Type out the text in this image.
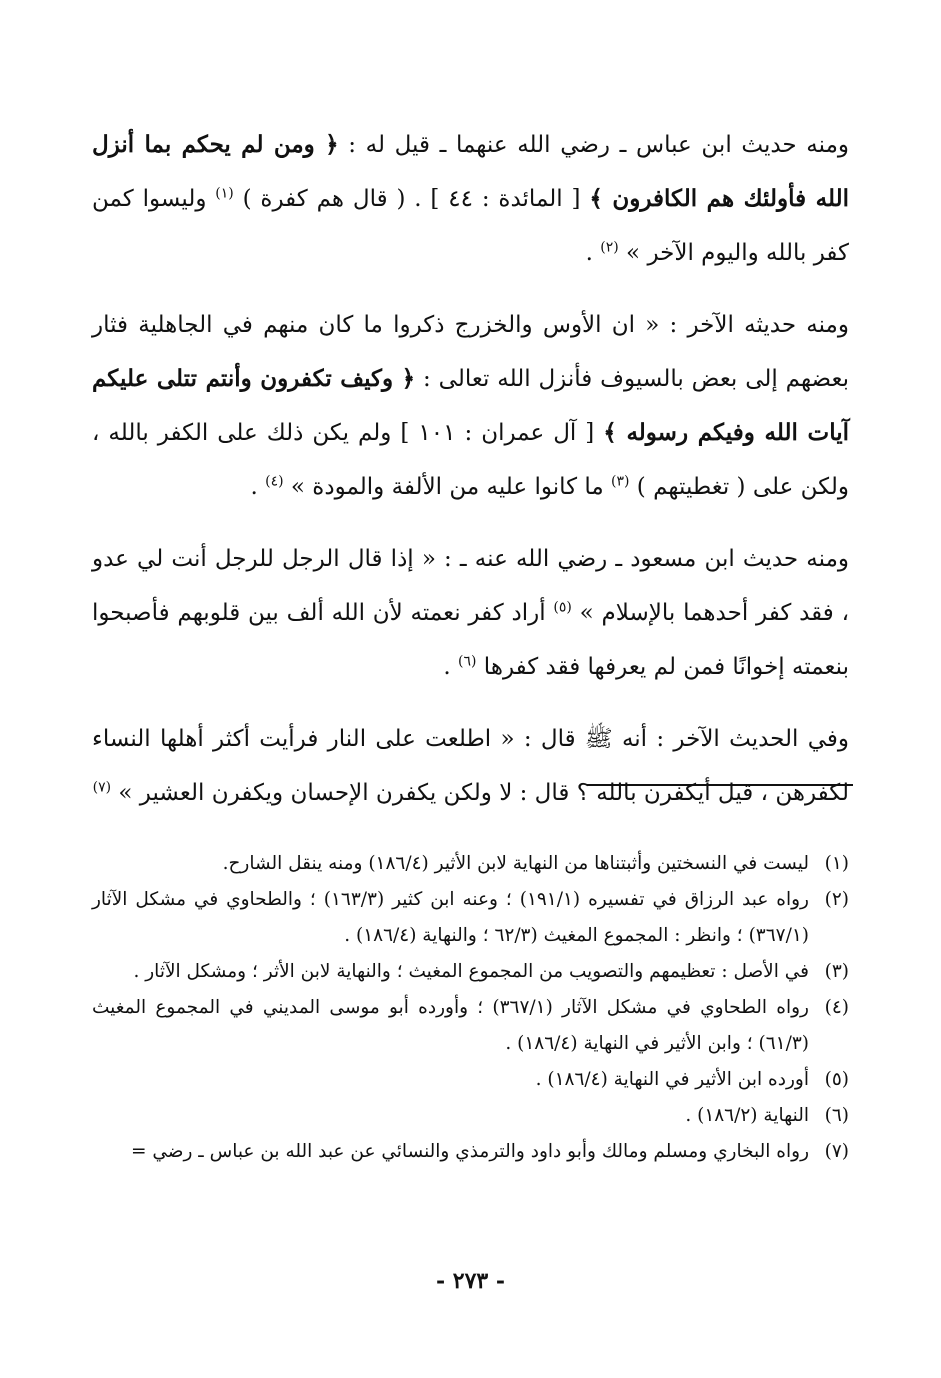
ومنه حديث ابن عباس ـ رضي الله عنهما ـ قيل له : ﴿ ومن لم يحكم بما أنزل الله فأولئك هم الكافرون ﴾ [ المائدة : ٤٤ ] . ( قال هم كفرة ) $^{(١)}$ وليسوا كمن كفر بالله واليوم الآخر » $^{(٢)}$ .

ومنه حديثه الآخر : « ان الأوس والخزرج ذكروا ما كان منهم في الجاهلية فثار بعضهم إلى بعض بالسيوف فأنزل الله تعالى : ﴿ وكيف تكفرون وأنتم تتلى عليكم آيات الله وفيكم رسوله ﴾ [ آل عمران : ١٠١ ] ولم يكن ذلك على الكفر بالله ، ولكن على ( تغطيتهم ) $^{(٣)}$ ما كانوا عليه من الألفة والمودة » $^{(٤)}$ .

ومنه حديث ابن مسعود ـ رضي الله عنه ـ : « إذا قال الرجل للرجل أنت لي عدو ، فقد كفر أحدهما بالإسلام » $^{(٥)}$ أراد كفر نعمته لأن الله ألف بين قلوبهم فأصبحوا بنعمته إخوانًا فمن لم يعرفها فقد كفرها $^{(٦)}$ .

وفي الحديث الآخر : أنه ﷺ قال : « اطلعت على النار فرأيت أكثر أهلها النساء لكفرهن ، قيل أيكفرن بالله ؟ قال : لا ولكن يكفرن الإحسان ويكفرن العشير » $^{(٧)}$

(١)
ليست في النسختين وأثبتناها من النهاية لابن الأثير (١٨٦/٤) ومنه ينقل الشارح.
(٢)
رواه عبد الرزاق في تفسيره (١٩١/١) ؛ وعنه ابن كثير (١٦٣/٣) ؛ والطحاوي في مشكل الآثار (٣٦٧/١) ؛ وانظر : المجموع المغيث (٦٢/٣ ؛ والنهاية (١٨٦/٤) .
(٣)
في الأصل : تعظيمهم والتصويب من المجموع المغيث ؛ والنهاية لابن الأثر ؛ ومشكل الآثار .
(٤)
رواه الطحاوي في مشكل الآثار (٣٦٧/١) ؛ وأورده أبو موسى المديني في المجموع المغيث (٦١/٣) ؛ وابن الأثير في النهاية (١٨٦/٤) .
(٥)
أورده ابن الأثير في النهاية (١٨٦/٤) .
(٦)
النهاية (١٨٦/٢) .
(٧)
رواه البخاري ومسلم ومالك وأبو داود والترمذي والنسائي عن عبد الله بن عباس ـ رضي =
- ٢٧٣ -
